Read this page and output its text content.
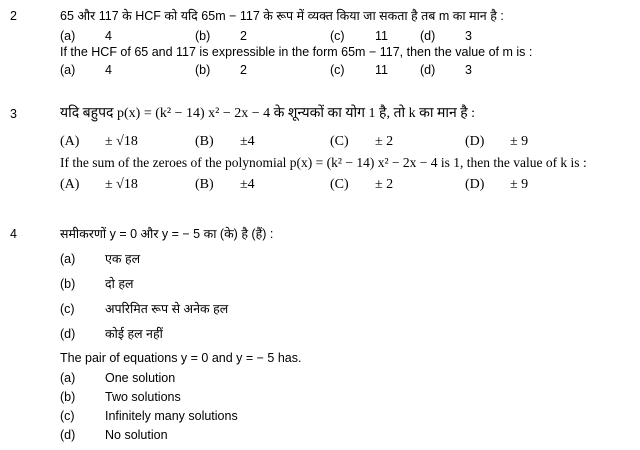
2	65 और 117 के HCF को यदि 65m − 117 के रूप में व्यक्त किया जा सकता है तब m का मान है :
(a) 4	(b) 2	(c) 11	(d) 3
If the HCF of 65 and 117 is expressible in the form 65m − 117, then the value of m is :
(a) 4	(b) 2	(c) 11	(d) 3
3	यदि बहुपद p(x) = (k² − 14) x² − 2x − 4 के शून्यकों का योग 1 है, तो k का मान है :
(A) ± √18	(B) ±4	(C) ± 2	(D) ± 9
If the sum of the zeroes of the polynomial p(x) = (k² − 14) x² − 2x − 4 is 1, then the value of k is :
(A) ± √18	(B) ±4	(C) ± 2	(D) ± 9
4	समीकरणों y = 0 और y = − 5 का (के) है (हैं) :
(a) एक हल
(b) दो हल
(c) अपरिमित रूप से अनेक हल
(d) कोई हल नहीं
The pair of equations y = 0 and y = − 5 has.
(a) One solution
(b) Two solutions
(c) Infinitely many solutions
(d) No solution
